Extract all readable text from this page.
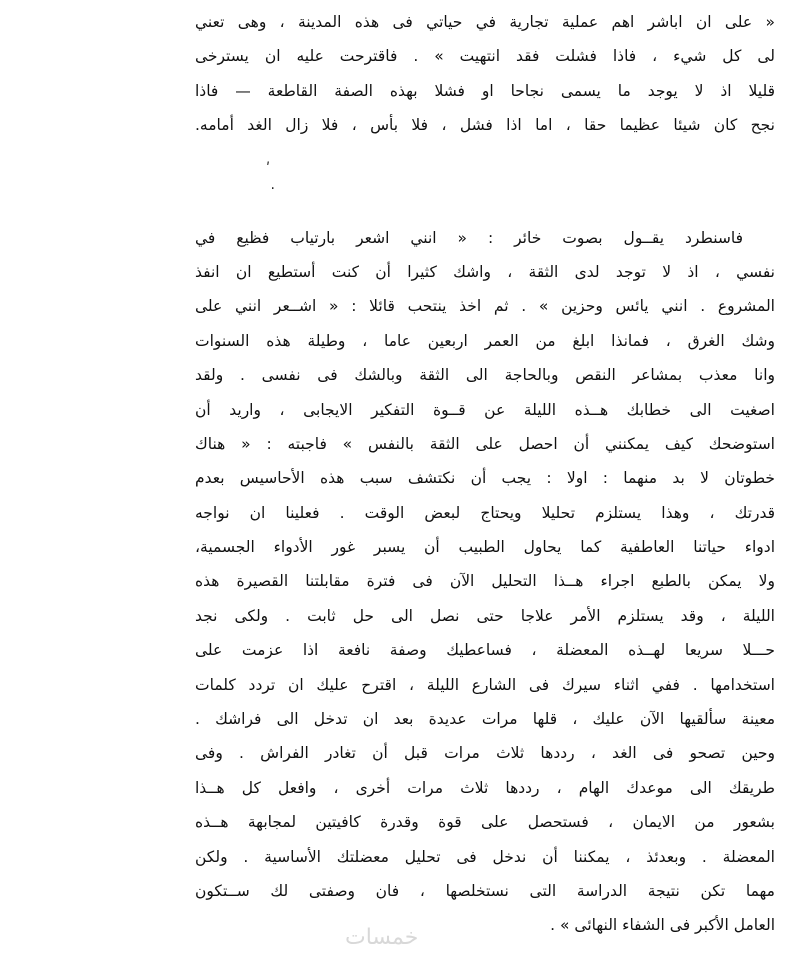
« على ان اباشر اهم عملية تجارية في حياتي فى هذه المدينة ، وهى تعني
لى كل شيء ، فاذا فشلت فقد انتهيت » . فاقترحت عليه ان يسترخى
قليلا اذ لا يوجد ما يسمى نجاحا او فشلا بهذه الصفة القاطعة — فاذا
نجح كان شيئا عظيما حقا ، اما اذا فشل ، فلا بأس ، فلا زال الغد أمامه.
ʹ
·
فاسنطرد يقــول بصوت خائر : « انني اشعر بارتياب فظيع في
نفسي ، اذ لا توجد لدى الثقة ، واشك كثيرا أن كنت أستطيع ان انفذ
المشروع . انني يائس وحزين » . ثم اخذ ينتحب قائلا : « اشــعر انني على
وشك الغرق ، فمانذا ابلغ من العمر اربعين عاما ، وطيلة هذه السنوات
وانا معذب بمشاعر النقص وبالحاجة الى الثقة وبالشك فى نفسى . ولقد
اصغيت الى خطابك هــذه الليلة عن قــوة التفكير الايجابى ، واريد أن
استوضحك كيف يمكنني أن احصل على الثقة بالنفس » فاجبته : « هناك
خطوتان لا بد منهما : اولا : يجب أن نكتشف سبب هذه الأحاسيس بعدم
قدرتك ، وهذا يستلزم تحليلا ويحتاج لبعض الوقت . فعلينا ان نواجه
ادواء حياتنا العاطفية كما يحاول الطبيب أن يسبر غور الأدواء الجسمية،
ولا يمكن بالطبع اجراء هــذا التحليل الآن فى فترة مقابلتنا القصيرة هذه
الليلة ، وقد يستلزم الأمر علاجا حتى نصل الى حل ثابت . ولكى نجد
حـــلا سريعا لهــذه المعضلة ، فساعطيك وصفة نافعة اذا عزمت على
استخدامها . ففي اثناء سيرك فى الشارع الليلة ، اقترح عليك ان تردد كلمات
معينة سألقيها الآن عليك ، قلها مرات عديدة بعد ان تدخل الى فراشك .
وحين تصحو فى الغد ، رددها ثلاث مرات قبل أن تغادر الفراش . وفى
طريقك الى موعدك الهام ، رددها ثلاث مرات أخرى ، وافعل كل هــذا
بشعور من الايمان ، فستحصل على قوة وقدرة كافيتين لمجابهة هــذه
المعضلة . وبعدئذ ، يمكننا أن ندخل فى تحليل معضلتك الأساسية . ولكن
مهما تكن نتيجة الدراسة التى نستخلصها ، فان وصفتى لك ســتكون
العامل الأكبر فى الشفاء النهائى » .
خمسات
